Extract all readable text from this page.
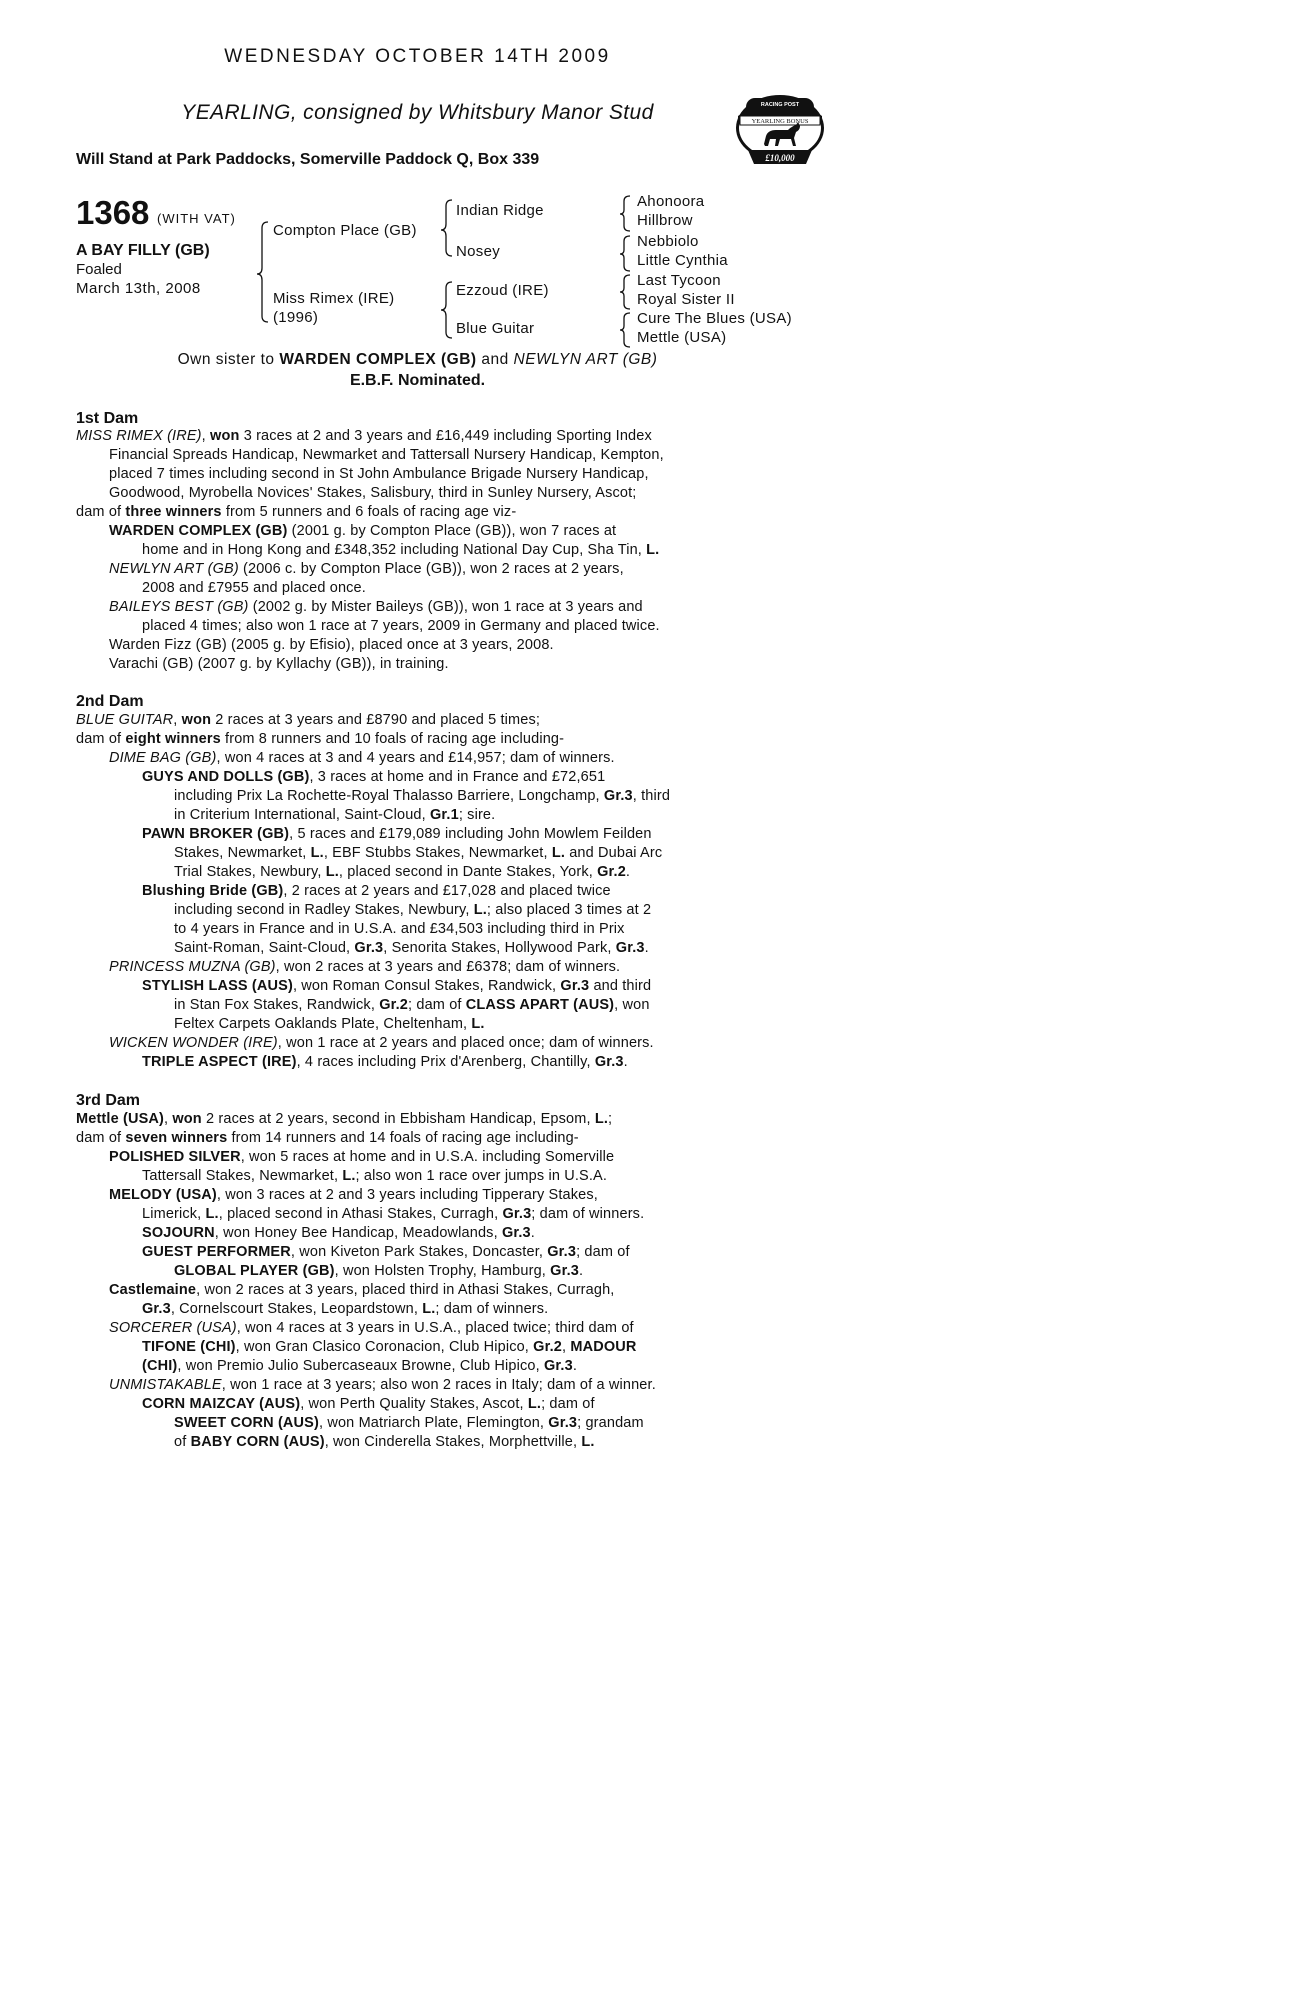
WEDNESDAY OCTOBER 14TH 2009
YEARLING, consigned by Whitsbury Manor Stud
Will Stand at Park Paddocks, Somerville Paddock Q, Box 339
RACING POST
YEARLING BONUS
£10,000
1368 (WITH VAT)
A BAY FILLY (GB)
Foaled
March 13th, 2008
Compton Place (GB)
Miss Rimex (IRE)
(1996)
Indian Ridge
Nosey
Ezzoud (IRE)
Blue Guitar
Ahonoora
Hillbrow
Nebbiolo
Little Cynthia
Last Tycoon
Royal Sister II
Cure The Blues (USA)
Mettle (USA)
Own sister to WARDEN COMPLEX (GB) and NEWLYN ART (GB)
E.B.F. Nominated.
1st Dam
MISS RIMEX (IRE), won 3 races at 2 and 3 years and £16,449 including Sporting Index
Financial Spreads Handicap, Newmarket and Tattersall Nursery Handicap, Kempton,
placed 7 times including second in St John Ambulance Brigade Nursery Handicap,
Goodwood, Myrobella Novices' Stakes, Salisbury, third in Sunley Nursery, Ascot;
dam of three winners from 5 runners and 6 foals of racing age viz-
WARDEN COMPLEX (GB) (2001 g. by Compton Place (GB)), won 7 races at
home and in Hong Kong and £348,352 including National Day Cup, Sha Tin, L.
NEWLYN ART (GB) (2006 c. by Compton Place (GB)), won 2 races at 2 years,
2008 and £7955 and placed once.
BAILEYS BEST (GB) (2002 g. by Mister Baileys (GB)), won 1 race at 3 years and
placed 4 times; also won 1 race at 7 years, 2009 in Germany and placed twice.
Warden Fizz (GB) (2005 g. by Efisio), placed once at 3 years, 2008.
Varachi (GB) (2007 g. by Kyllachy (GB)), in training.
2nd Dam
BLUE GUITAR, won 2 races at 3 years and £8790 and placed 5 times;
dam of eight winners from 8 runners and 10 foals of racing age including-
DIME BAG (GB), won 4 races at 3 and 4 years and £14,957; dam of winners.
GUYS AND DOLLS (GB), 3 races at home and in France and £72,651
including Prix La Rochette-Royal Thalasso Barriere, Longchamp, Gr.3, third
in Criterium International, Saint-Cloud, Gr.1; sire.
PAWN BROKER (GB), 5 races and £179,089 including John Mowlem Feilden
Stakes, Newmarket, L., EBF Stubbs Stakes, Newmarket, L. and Dubai Arc
Trial Stakes, Newbury, L., placed second in Dante Stakes, York, Gr.2.
Blushing Bride (GB), 2 races at 2 years and £17,028 and placed twice
including second in Radley Stakes, Newbury, L.; also placed 3 times at 2
to 4 years in France and in U.S.A. and £34,503 including third in Prix
Saint-Roman, Saint-Cloud, Gr.3, Senorita Stakes, Hollywood Park, Gr.3.
PRINCESS MUZNA (GB), won 2 races at 3 years and £6378; dam of winners.
STYLISH LASS (AUS), won Roman Consul Stakes, Randwick, Gr.3 and third
in Stan Fox Stakes, Randwick, Gr.2; dam of CLASS APART (AUS), won
Feltex Carpets Oaklands Plate, Cheltenham, L.
WICKEN WONDER (IRE), won 1 race at 2 years and placed once; dam of winners.
TRIPLE ASPECT (IRE), 4 races including Prix d'Arenberg, Chantilly, Gr.3.
3rd Dam
Mettle (USA), won 2 races at 2 years, second in Ebbisham Handicap, Epsom, L.;
dam of seven winners from 14 runners and 14 foals of racing age including-
POLISHED SILVER, won 5 races at home and in U.S.A. including Somerville
Tattersall Stakes, Newmarket, L.; also won 1 race over jumps in U.S.A.
MELODY (USA), won 3 races at 2 and 3 years including Tipperary Stakes,
Limerick, L., placed second in Athasi Stakes, Curragh, Gr.3; dam of winners.
SOJOURN, won Honey Bee Handicap, Meadowlands, Gr.3.
GUEST PERFORMER, won Kiveton Park Stakes, Doncaster, Gr.3; dam of
GLOBAL PLAYER (GB), won Holsten Trophy, Hamburg, Gr.3.
Castlemaine, won 2 races at 3 years, placed third in Athasi Stakes, Curragh,
Gr.3, Cornelscourt Stakes, Leopardstown, L.; dam of winners.
SORCERER (USA), won 4 races at 3 years in U.S.A., placed twice; third dam of
TIFONE (CHI), won Gran Clasico Coronacion, Club Hipico, Gr.2, MADOUR
(CHI), won Premio Julio Subercaseaux Browne, Club Hipico, Gr.3.
UNMISTAKABLE, won 1 race at 3 years; also won 2 races in Italy; dam of a winner.
CORN MAIZCAY (AUS), won Perth Quality Stakes, Ascot, L.; dam of
SWEET CORN (AUS), won Matriarch Plate, Flemington, Gr.3; grandam
of BABY CORN (AUS), won Cinderella Stakes, Morphettville, L.
